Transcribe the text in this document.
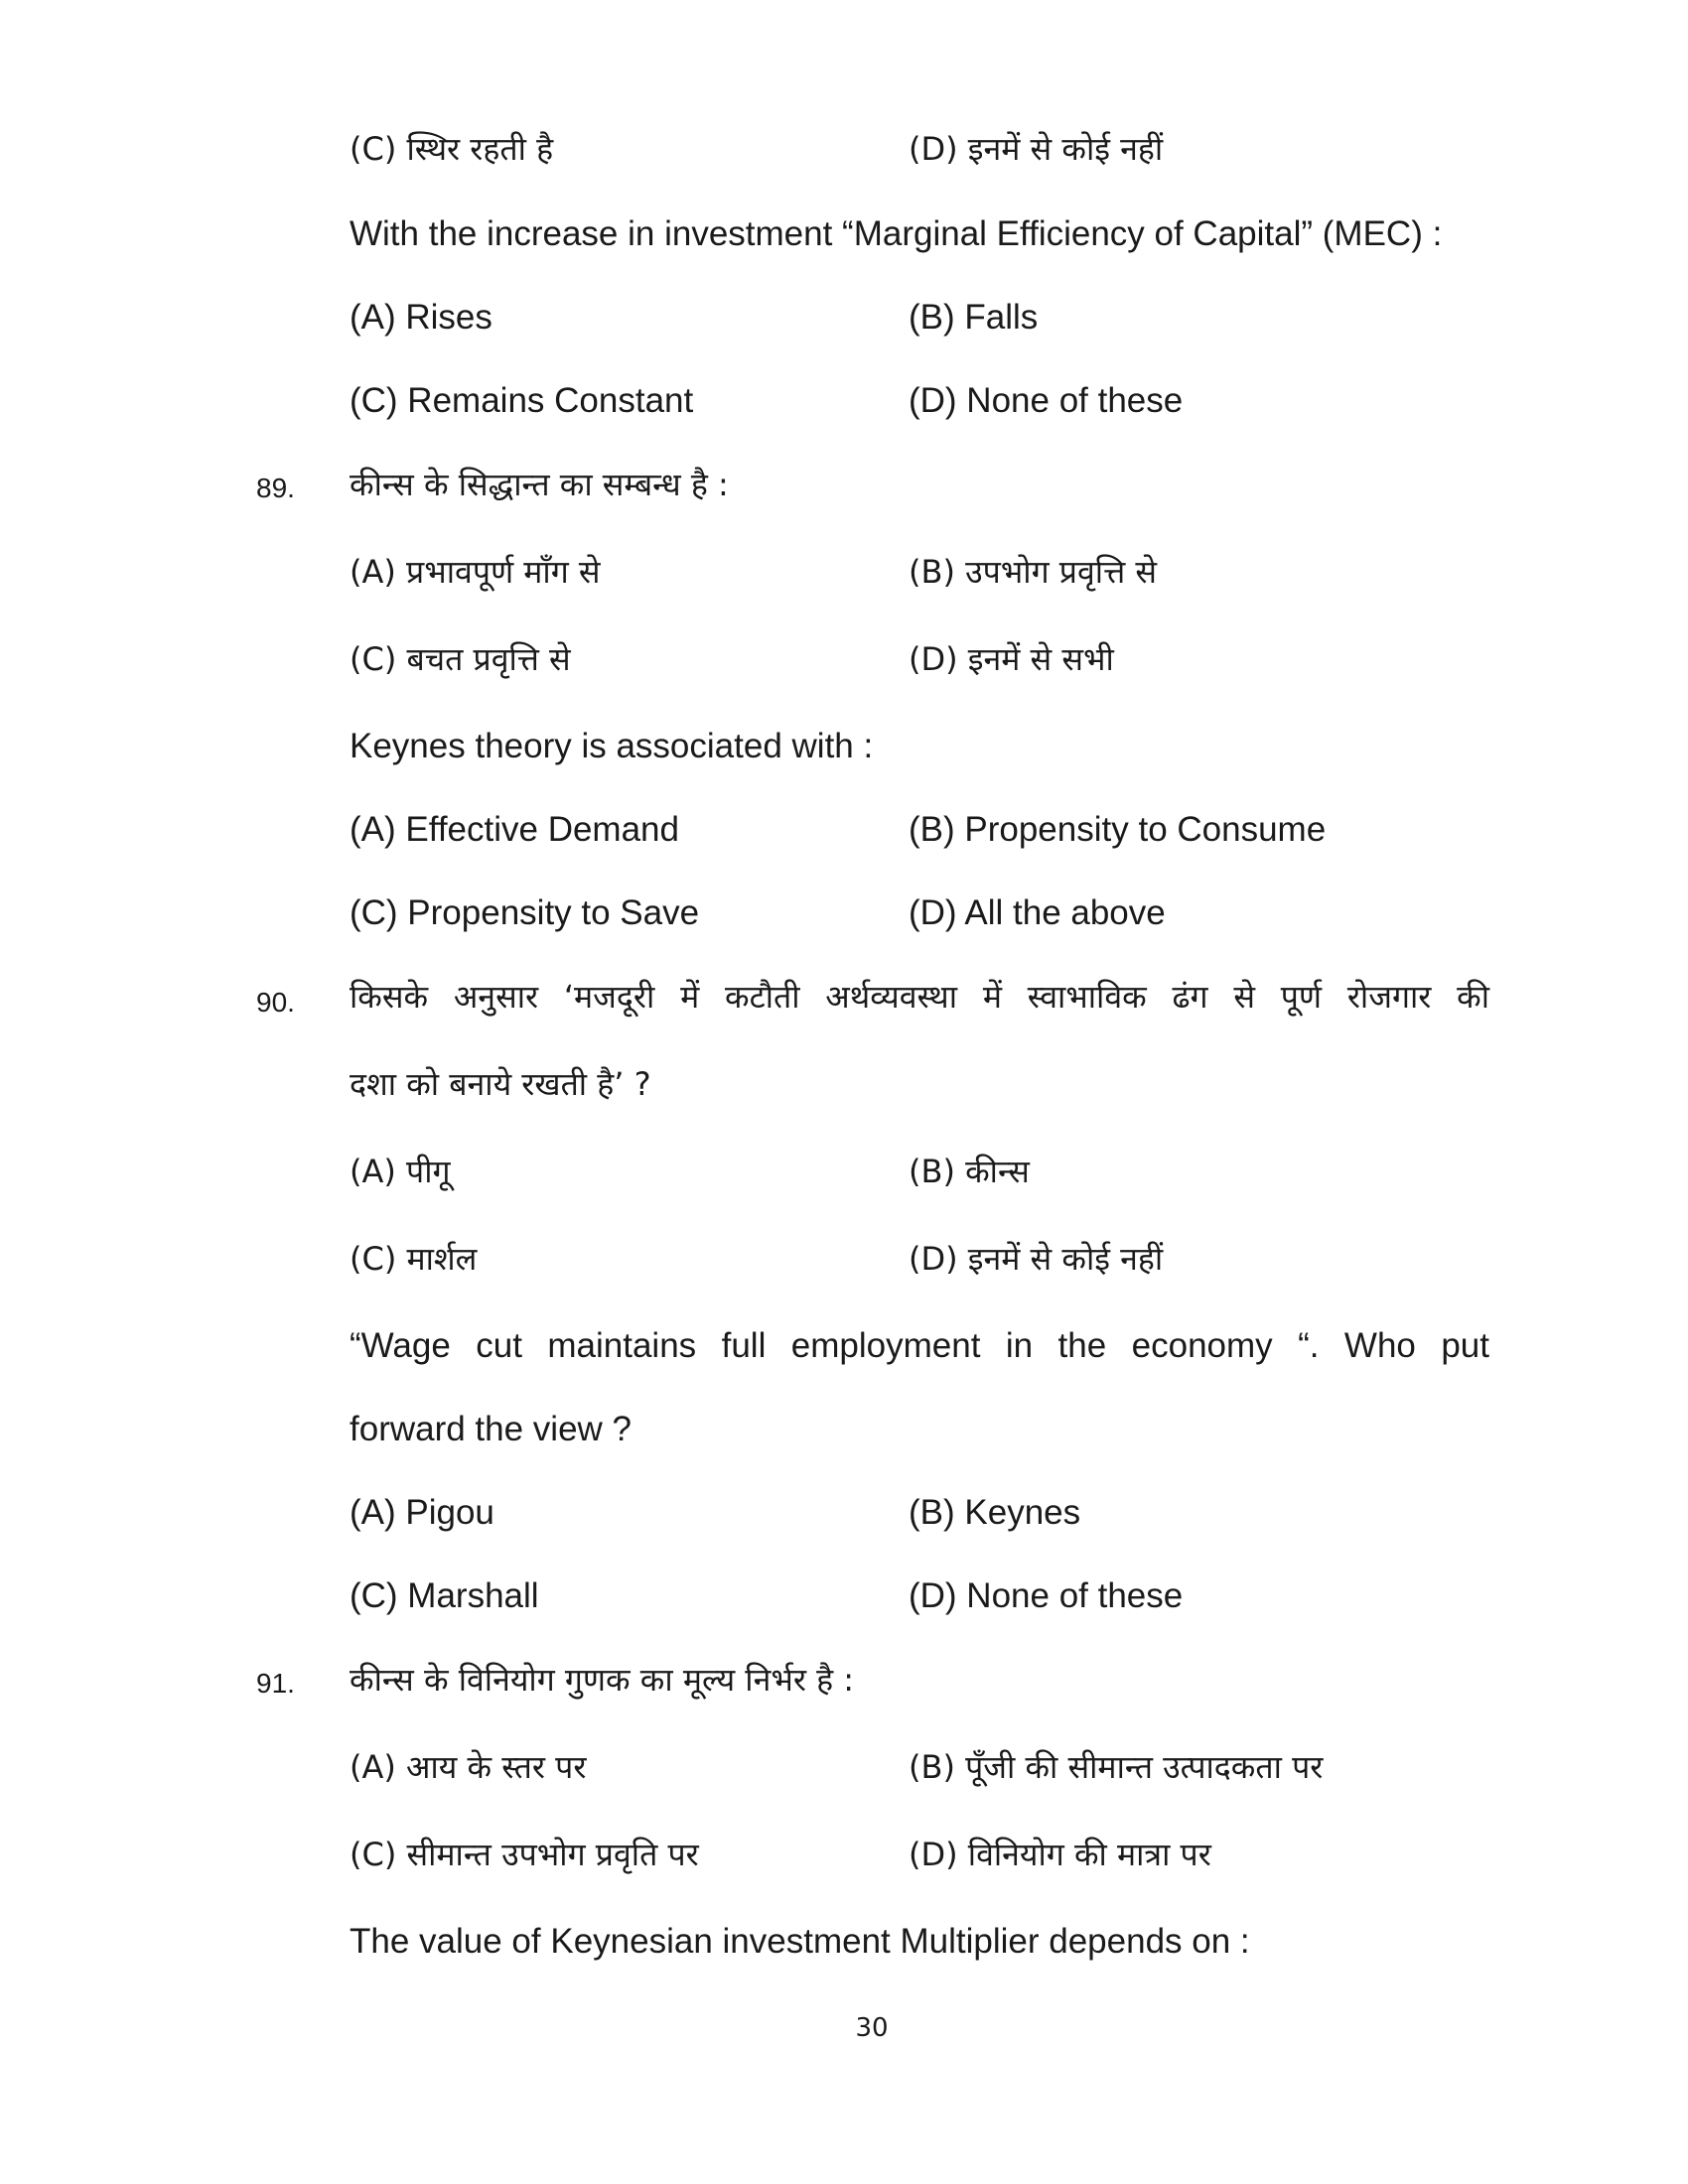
(C) स्थिर रहती है	(D) इनमें से कोई नहीं
With the increase in investment “Marginal Efficiency of Capital” (MEC) :
(A) Rises	(B) Falls
(C) Remains Constant	(D) None of these
89. कीन्स के सिद्धान्त का सम्बन्ध है :
(A) प्रभावपूर्ण माँग से	(B) उपभोग प्रवृत्ति से
(C) बचत प्रवृत्ति से	(D) इनमें से सभी
Keynes theory is associated with :
(A) Effective Demand	(B) Propensity to Consume
(C) Propensity to Save	(D) All the above
90. किसके अनुसार ‘मजदूरी में कटौती अर्थव्यवस्था में स्वाभाविक ढंग से पूर्ण रोजगार की
दशा को बनाये रखती है’ ?
(A) पीगू	(B) कीन्स
(C) मार्शल	(D) इनमें से कोई नहीं
“Wage cut maintains full employment in the economy “. Who put
forward the view ?
(A) Pigou	(B) Keynes
(C) Marshall	(D) None of these
91. कीन्स के विनियोग गुणक का मूल्य निर्भर है :
(A) आय के स्तर पर	(B) पूँजी की सीमान्त उत्पादकता पर
(C) सीमान्त उपभोग प्रवृति पर	(D) विनियोग की मात्रा पर
The value of Keynesian investment Multiplier depends on :
30
